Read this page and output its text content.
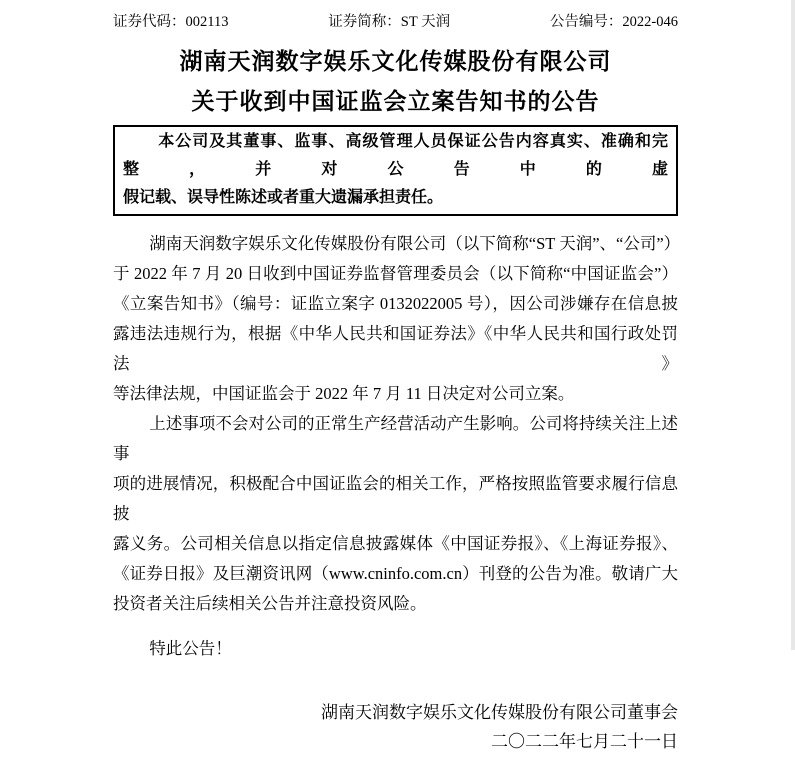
证券代码：002113	证券简称：ST 天润	公告编号：2022-046
湖南天润数字娱乐文化传媒股份有限公司
关于收到中国证监会立案告知书的公告
本公司及其董事、监事、高级管理人员保证公告内容真实、准确和完整，并对公告中的虚
假记载、误导性陈述或者重大遗漏承担责任。
湖南天润数字娱乐文化传媒股份有限公司（以下简称“ST 天润”、“公司”）
于 2022 年 7 月 20 日收到中国证券监督管理委员会（以下简称“中国证监会”）
《立案告知书》（编号：证监立案字 0132022005 号），因公司涉嫌存在信息披
露违法违规行为，根据《中华人民共和国证券法》《中华人民共和国行政处罚法》
等法律法规，中国证监会于 2022 年 7 月 11 日决定对公司立案。
上述事项不会对公司的正常生产经营活动产生影响。公司将持续关注上述事
项的进展情况，积极配合中国证监会的相关工作，严格按照监管要求履行信息披
露义务。公司相关信息以指定信息披露媒体《中国证券报》、《上海证券报》、
《证券日报》及巨潮资讯网（www.cninfo.com.cn）刊登的公告为准。敬请广大
投资者关注后续相关公告并注意投资风险。
特此公告！
湖南天润数字娱乐文化传媒股份有限公司董事会
二〇二二年七月二十一日
